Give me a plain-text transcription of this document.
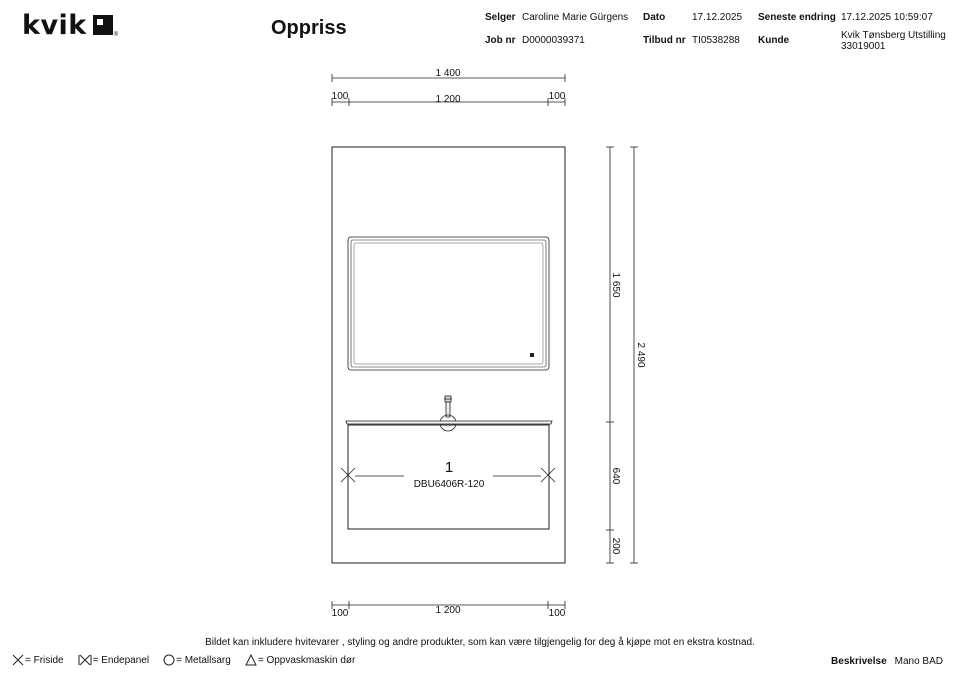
kvik	®	Oppriss	Selger Caroline Marie Gürgens Dato	17.12.2025 Seneste endring 17.12.2025 10:59:07
Job nr D0000039371	Tilbud nr TI0538288 Kunde	Kvik Tønsberg Utstilling
33019001
1 400
100	1 200	100
100	1 200	100
1 650
640
200
2 490
1
DBU6406R-120
Bildet kan inkludere hvitevarer , styling og andre produkter, som kan være tilgjengelig for deg å kjøpe mot en ekstra kostnad.
= Friside	= Endepanel	= Metallsarg	= Oppvaskmaskin dør	Beskrivelse Mano BAD
